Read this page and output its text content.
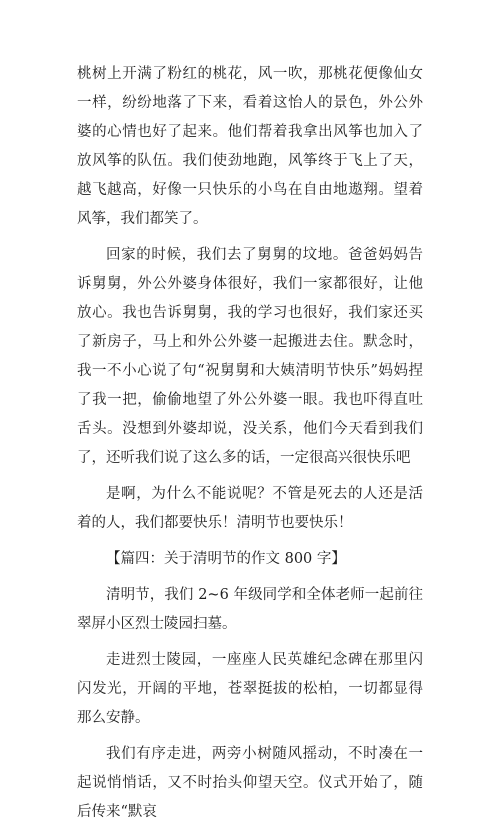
桃树上开满了粉红的桃花，风一吹，那桃花便像仙女一样，纷纷地落了下来，看着这怡人的景色，外公外婆的心情也好了起来。他们帮着我拿出风筝也加入了放风筝的队伍。我们使劲地跑，风筝终于飞上了天，越飞越高，好像一只快乐的小鸟在自由地遨翔。望着风筝，我们都笑了。

回家的时候，我们去了舅舅的坟地。爸爸妈妈告诉舅舅，外公外婆身体很好，我们一家都很好，让他放心。我也告诉舅舅，我的学习也很好，我们家还买了新房子，马上和外公外婆一起搬进去住。默念时，我一不小心说了句“祝舅舅和大姨清明节快乐”妈妈捏了我一把，偷偷地望了外公外婆一眼。我也吓得直吐舌头。没想到外婆却说，没关系，他们今天看到我们了，还听我们说了这么多的话，一定很高兴很快乐吧

是啊，为什么不能说呢？不管是死去的人还是活着的人，我们都要快乐！清明节也要快乐！

【篇四：关于清明节的作文 800 字】

清明节，我们 2~6 年级同学和全体老师一起前往翠屏小区烈士陵园扫墓。

走进烈士陵园，一座座人民英雄纪念碑在那里闪闪发光，开阔的平地，苍翠挺拔的松柏，一切都显得那么安静。

我们有序走进，两旁小树随风摇动，不时凑在一起说悄悄话，又不时抬头仰望天空。仪式开始了，随后传来“默哀
